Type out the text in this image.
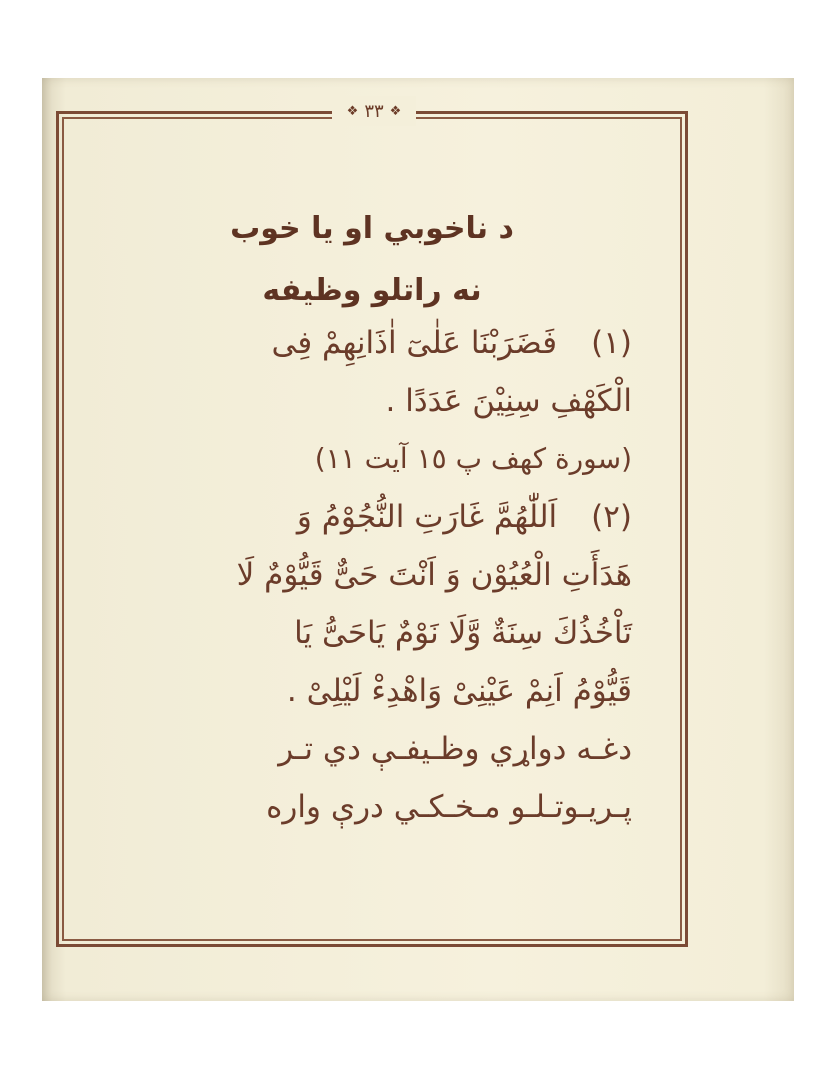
❖ ٣٣ ❖

د ناخوبي او يا خوب

نه راتلو وظيفه

(١)فَضَرَبْنَا عَلٰىٓ اٰذَانِهِمْ فِى

الْكَهْفِ سِنِيْنَ عَدَدًا .

(سورة كهف پ ١٥ آيت ١١)

(٢)اَللّٰهُمَّ غَارَتِ النُّجُوْمُ وَ

هَدَأَتِ الْعُيُوْن وَ اَنْتَ حَىٌّ قَيُّوْمٌ لَا

تَاْخُذُكَ سِنَةٌ وَّلَا نَوْمٌ يَاحَىُّ يَا

قَيُّوْمُ اَنِمْ عَيْنِىْ وَاهْدِءْ لَيْلِىْ .

دغـه دواړي وظـيفـې دي تـر

پـريـوتـلـو مـخـكـي درې واره
